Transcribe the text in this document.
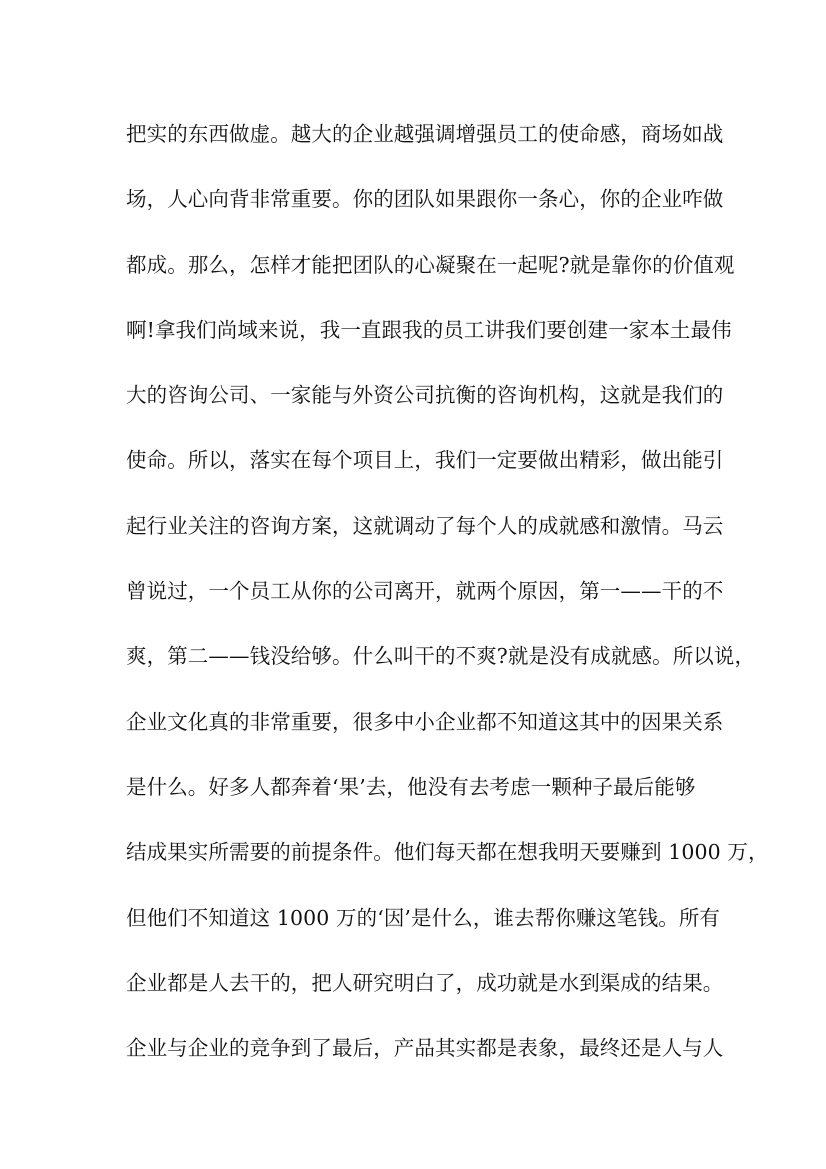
把实的东西做虚。越大的企业越强调增强员工的使命感，商场如战
场，人心向背非常重要。你的团队如果跟你一条心，你的企业咋做
都成。那么，怎样才能把团队的心凝聚在一起呢?就是靠你的价值观
啊!拿我们尚域来说，我一直跟我的员工讲我们要创建一家本土最伟
大的咨询公司、一家能与外资公司抗衡的咨询机构，这就是我们的
使命。所以，落实在每个项目上，我们一定要做出精彩，做出能引
起行业关注的咨询方案，这就调动了每个人的成就感和激情。马云
曾说过，一个员工从你的公司离开，就两个原因，第一——干的不
爽，第二——钱没给够。什么叫干的不爽?就是没有成就感。所以说，
企业文化真的非常重要，很多中小企业都不知道这其中的因果关系
是什么。好多人都奔着‘果’去，他没有去考虑一颗种子最后能够
结成果实所需要的前提条件。他们每天都在想我明天要赚到 1000 万，
但他们不知道这 1000 万的‘因’是什么，谁去帮你赚这笔钱。所有
企业都是人去干的，把人研究明白了，成功就是水到渠成的结果。
企业与企业的竞争到了最后，产品其实都是表象，最终还是人与人
